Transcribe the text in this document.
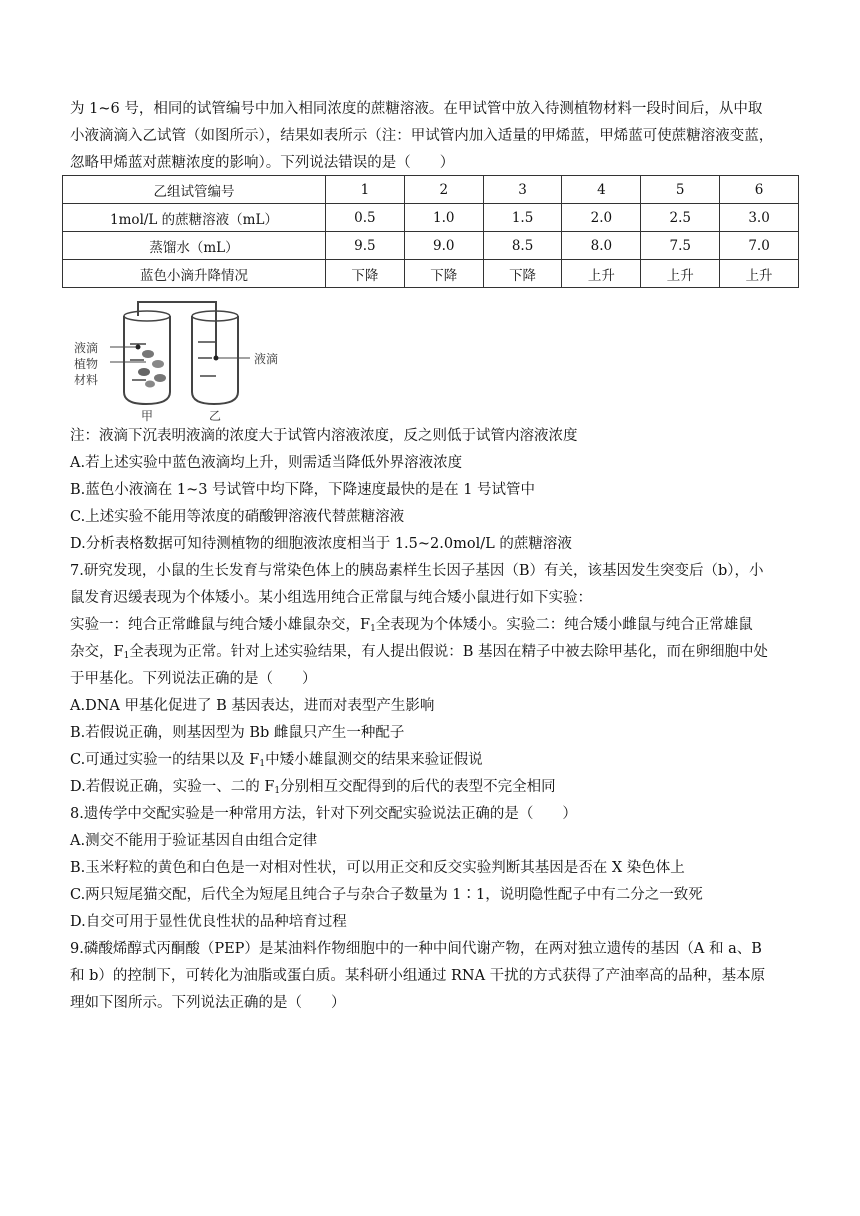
为 1~6 号，相同的试管编号中加入相同浓度的蔗糖溶液。在甲试管中放入待测植物材料一段时间后，从中取
小液滴滴入乙试管（如图所示），结果如表所示（注：甲试管内加入适量的甲烯蓝，甲烯蓝可使蔗糖溶液变蓝，
忽略甲烯蓝对蔗糖浓度的影响）。下列说法错误的是（　　）
乙组试管编号	1	2	3	4	5	6
1mol/L 的蔗糖溶液（mL）	0.5	1.0	1.5	2.0	2.5	3.0
蒸馏水（mL）	9.5	9.0	8.5	8.0	7.5	7.0
蓝色小滴升降情况	下降	下降	下降	上升	上升	上升
液滴
植物
材料
液滴
甲	乙
注：液滴下沉表明液滴的浓度大于试管内溶液浓度，反之则低于试管内溶液浓度
A.若上述实验中蓝色液滴均上升，则需适当降低外界溶液浓度
B.蓝色小液滴在 1~3 号试管中均下降，下降速度最快的是在 1 号试管中
C.上述实验不能用等浓度的硝酸钾溶液代替蔗糖溶液
D.分析表格数据可知待测植物的细胞液浓度相当于 1.5~2.0mol/L 的蔗糖溶液
7.研究发现，小鼠的生长发育与常染色体上的胰岛素样生长因子基因（B）有关，该基因发生突变后（b），小
鼠发育迟缓表现为个体矮小。某小组选用纯合正常鼠与纯合矮小鼠进行如下实验：
实验一：纯合正常雌鼠与纯合矮小雄鼠杂交，$F_1$全表现为个体矮小。实验二：纯合矮小雌鼠与纯合正常雄鼠
杂交，$F_1$全表现为正常。针对上述实验结果，有人提出假说：B 基因在精子中被去除甲基化，而在卵细胞中处
于甲基化。下列说法正确的是（　　）
A.DNA 甲基化促进了 B 基因表达，进而对表型产生影响
B.若假说正确，则基因型为 Bb 雌鼠只产生一种配子
C.可通过实验一的结果以及 $F_1$中矮小雄鼠测交的结果来验证假说
D.若假说正确，实验一、二的 $F_1$分别相互交配得到的后代的表型不完全相同
8.遗传学中交配实验是一种常用方法，针对下列交配实验说法正确的是（　　）
A.测交不能用于验证基因自由组合定律
B.玉米籽粒的黄色和白色是一对相对性状，可以用正交和反交实验判断其基因是否在 X 染色体上
C.两只短尾猫交配，后代全为短尾且纯合子与杂合子数量为 1∶1，说明隐性配子中有二分之一致死
D.自交可用于显性优良性状的品种培育过程
9.磷酸烯醇式丙酮酸（PEP）是某油料作物细胞中的一种中间代谢产物，在两对独立遗传的基因（A 和 a、B
和 b）的控制下，可转化为油脂或蛋白质。某科研小组通过 RNA 干扰的方式获得了产油率高的品种，基本原
理如下图所示。下列说法正确的是（　　）
